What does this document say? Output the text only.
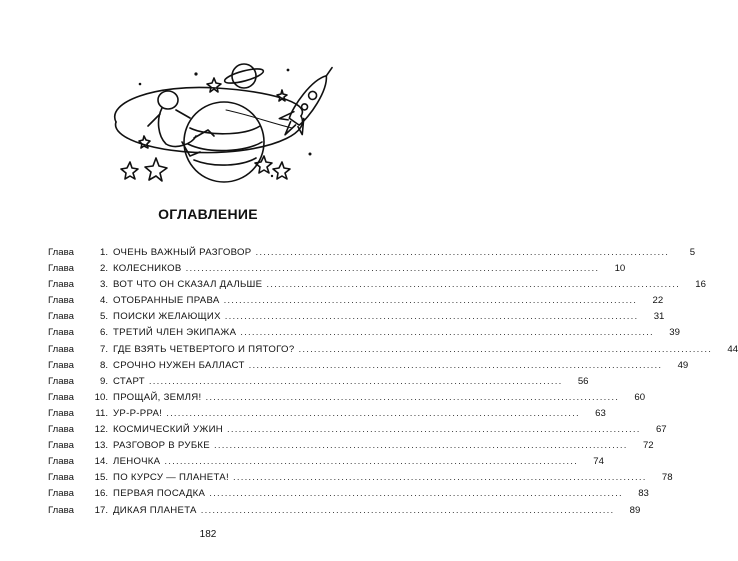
ОГЛАВЛЕНИЕ
Глава	1. ОЧЕНЬ ВАЖНЫЙ РАЗГОВОР ...........................................................................................................	5
Глава	2. КОЛЕСНИКОВ ...........................................................................................................	10
Глава	3. ВОТ ЧТО ОН СКАЗАЛ ДАЛЬШЕ ...........................................................................................................	16
Глава	4. ОТОБРАННЫЕ ПРАВА ...........................................................................................................	22
Глава	5. ПОИСКИ ЖЕЛАЮЩИХ ...........................................................................................................	31
Глава	6. ТРЕТИЙ ЧЛЕН ЭКИПАЖА ...........................................................................................................	39
Глава	7. ГДЕ ВЗЯТЬ ЧЕТВЕРТОГО И ПЯТОГО? ...........................................................................................................	44
Глава	8. СРОЧНО НУЖЕН БАЛЛАСТ ...........................................................................................................	49
Глава	9. СТАРТ ...........................................................................................................	56
Глава	10. ПРОЩАЙ, ЗЕМЛЯ! ...........................................................................................................	60
Глава	11. УР-Р-РРА! ...........................................................................................................	63
Глава	12. КОСМИЧЕСКИЙ УЖИН ...........................................................................................................	67
Глава	13. РАЗГОВОР В РУБКЕ ...........................................................................................................	72
Глава	14. ЛЕНОЧКА ...........................................................................................................	74
Глава	15. ПО КУРСУ — ПЛАНЕТА! ...........................................................................................................	78
Глава	16. ПЕРВАЯ ПОСАДКА ...........................................................................................................	83
Глава	17. ДИКАЯ ПЛАНЕТА ...........................................................................................................	89
182
